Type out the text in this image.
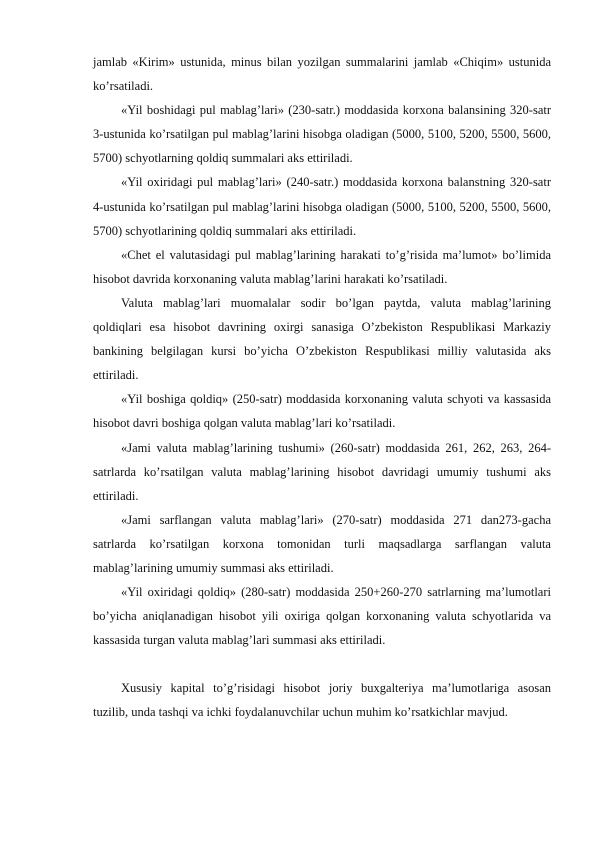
jamlab «Kirim» ustunida, minus bilan yozilgan summalarini jamlab «Chiqim» ustunida ko’rsatiladi.

«Yil boshidagi pul mablag’lari» (230-satr.) moddasida korxona balansining 320-satr 3-ustunida ko’rsatilgan pul mablag’larini hisobga oladigan (5000, 5100, 5200, 5500, 5600, 5700) schyotlarning qoldiq summalari aks ettiriladi.

«Yil oxiridagi pul mablag’lari» (240-satr.) moddasida korxona balanstning 320-satr 4-ustunida ko’rsatilgan pul mablag’larini hisobga oladigan (5000, 5100, 5200, 5500, 5600, 5700) schyotlarining qoldiq summalari aks ettiriladi.

«Chet el valutasidagi pul mablag’larining harakati to’g’risida ma’lumot» bo’limida hisobot davrida korxonaning valuta mablag’larini harakati ko’rsatiladi.

Valuta mablag’lari muomalalar sodir bo’lgan paytda, valuta mablag’larining qoldiqlari esa hisobot davrining oxirgi sanasiga O’zbekiston Respublikasi Markaziy bankining belgilagan kursi bo’yicha O’zbekiston Respublikasi milliy valutasida aks ettiriladi.

«Yil boshiga qoldiq» (250-satr) moddasida korxonaning valuta schyoti va kassasida hisobot davri boshiga qolgan valuta mablag’lari ko’rsatiladi.

«Jami valuta mablag’larining tushumi» (260-satr) moddasida 261, 262, 263, 264-satrlarda ko’rsatilgan valuta mablag’larining hisobot davridagi umumiy tushumi aks ettiriladi.

«Jami sarflangan valuta mablag’lari» (270-satr) moddasida 271 dan273-gacha satrlarda ko’rsatilgan korxona tomonidan turli maqsadlarga sarflangan valuta mablag’larining umumiy summasi aks ettiriladi.

«Yil oxiridagi qoldiq» (280-satr) moddasida 250+260-270 satrlarning ma’lumotlari bo’yicha aniqlanadigan hisobot yili oxiriga qolgan korxonaning valuta schyotlarida va kassasida turgan valuta mablag’lari summasi aks ettiriladi.

Xususiy kapital to’g’risidagi hisobot joriy buxgalteriya ma’lumotlariga asosan tuzilib, unda tashqi va ichki foydalanuvchilar uchun muhim ko’rsatkichlar mavjud.
